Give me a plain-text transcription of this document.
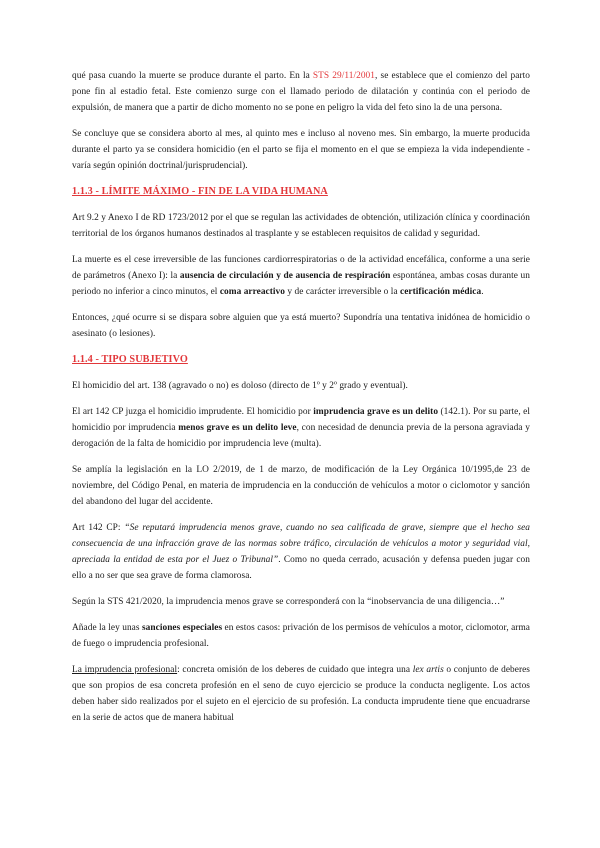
qué pasa cuando la muerte se produce durante el parto. En la STS 29/11/2001, se establece que el comienzo del parto pone fin al estadio fetal. Este comienzo surge con el llamado periodo de dilatación y continúa con el periodo de expulsión, de manera que a partir de dicho momento no se pone en peligro la vida del feto sino la de una persona.

Se concluye que se considera aborto al mes, al quinto mes e incluso al noveno mes. Sin embargo, la muerte producida durante el parto ya se considera homicidio (en el parto se fija el momento en el que se empieza la vida independiente - varía según opinión doctrinal/jurisprudencial).

1.1.3 - LÍMITE MÁXIMO - FIN DE LA VIDA HUMANA

Art 9.2 y Anexo I de RD 1723/2012 por el que se regulan las actividades de obtención, utilización clínica y coordinación territorial de los órganos humanos destinados al trasplante y se establecen requisitos de calidad y seguridad.

La muerte es el cese irreversible de las funciones cardiorrespiratorias o de la actividad encefálica, conforme a una serie de parámetros (Anexo I): la ausencia de circulación y de ausencia de respiración espontánea, ambas cosas durante un periodo no inferior a cinco minutos, el coma arreactivo y de carácter irreversible o la certificación médica.

Entonces, ¿qué ocurre si se dispara sobre alguien que ya está muerto? Supondría una tentativa inidónea de homicidio o asesinato (o lesiones).

1.1.4 - TIPO SUBJETIVO

El homicidio del art. 138 (agravado o no) es doloso (directo de 1º y 2º grado y eventual).

El art 142 CP juzga el homicidio imprudente. El homicidio por imprudencia grave es un delito (142.1). Por su parte, el homicidio por imprudencia menos grave es un delito leve, con necesidad de denuncia previa de la persona agraviada y derogación de la falta de homicidio por imprudencia leve (multa).

Se amplía la legislación en la LO 2/2019, de 1 de marzo, de modificación de la Ley Orgánica 10/1995,de 23 de noviembre, del Código Penal, en materia de imprudencia en la conducción de vehículos a motor o ciclomotor y sanción del abandono del lugar del accidente.

Art 142 CP: “Se reputará imprudencia menos grave, cuando no sea calificada de grave, siempre que el hecho sea consecuencia de una infracción grave de las normas sobre tráfico, circulación de vehículos a motor y seguridad vial, apreciada la entidad de esta por el Juez o Tribunal”. Como no queda cerrado, acusación y defensa pueden jugar con ello a no ser que sea grave de forma clamorosa.

Según la STS 421/2020, la imprudencia menos grave se corresponderá con la “inobservancia de una diligencia…”

Añade la ley unas sanciones especiales en estos casos: privación de los permisos de vehículos a motor, ciclomotor, arma de fuego o imprudencia profesional.

La imprudencia profesional: concreta omisión de los deberes de cuidado que integra una lex artis o conjunto de deberes que son propios de esa concreta profesión en el seno de cuyo ejercicio se produce la conducta negligente. Los actos deben haber sido realizados por el sujeto en el ejercicio de su profesión. La conducta imprudente tiene que encuadrarse en la serie de actos que de manera habitual
